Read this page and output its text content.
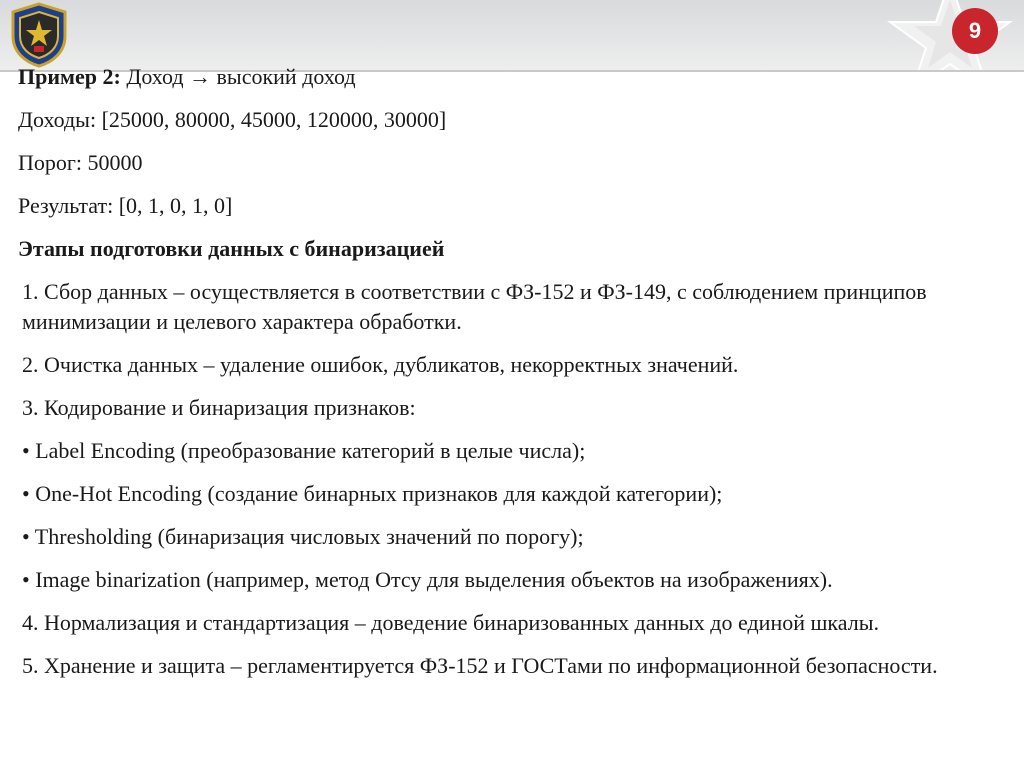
9

Пример 2: Доход → высокий доход

Доходы: [25000, 80000, 45000, 120000, 30000]

Порог: 50000

Результат: [0, 1, 0, 1, 0]

Этапы подготовки данных с бинаризацией

1. Сбор данных – осуществляется в соответствии с ФЗ-152 и ФЗ-149, с соблюдением принципов минимизации и целевого характера обработки.

2. Очистка данных – удаление ошибок, дубликатов, некорректных значений.

3. Кодирование и бинаризация признаков:

• Label Encoding (преобразование категорий в целые числа);

• One-Hot Encoding (создание бинарных признаков для каждой категории);

• Thresholding (бинаризация числовых значений по порогу);

• Image binarization (например, метод Отсу для выделения объектов на изображениях).

4. Нормализация и стандартизация – доведение бинаризованных данных до единой шкалы.

5. Хранение и защита – регламентируется ФЗ-152 и ГОСТами по информационной безопасности.
